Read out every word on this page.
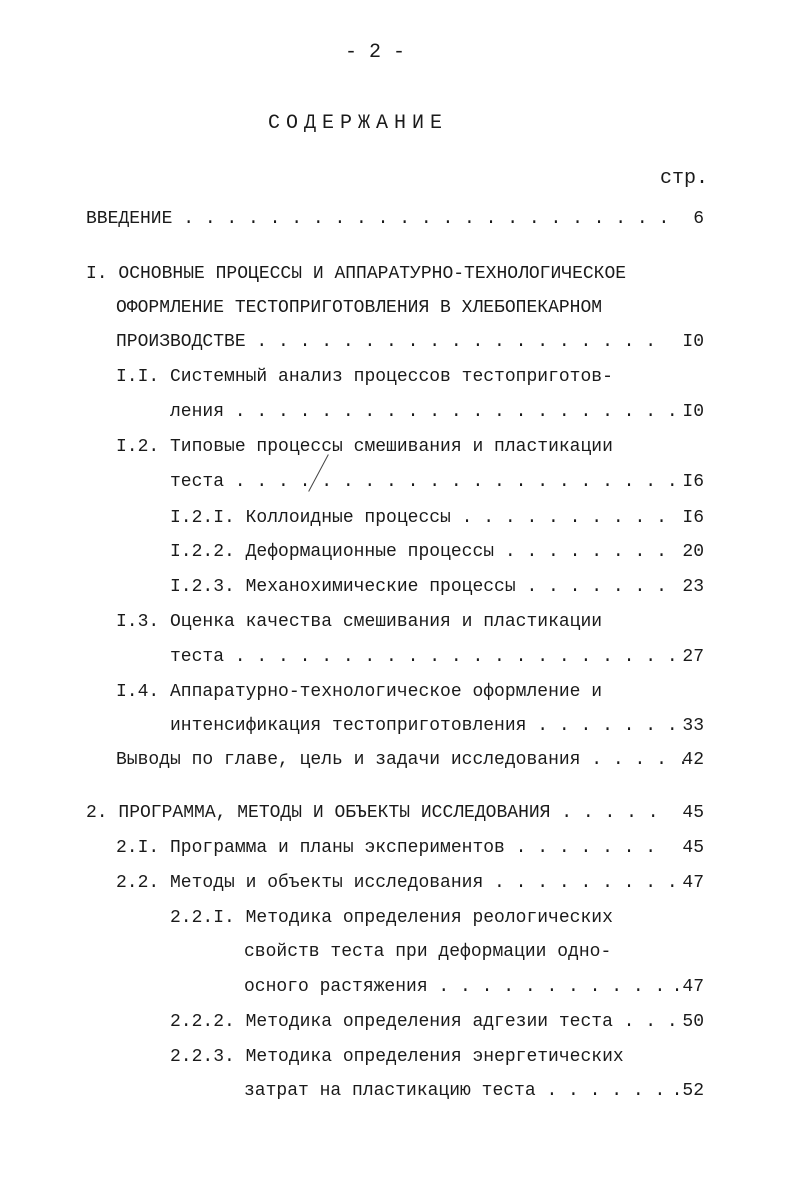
- 2 -
СОДЕРЖАНИЕ
стр.
ВВЕДЕНИЕ . . . . . . . . . . . . . . . . . . . . . . . 6
I. ОСНОВНЫЕ ПРОЦЕССЫ И АППАРАТУРНО-ТЕХНОЛОГИЧЕСКОЕ
ОФОРМЛЕНИЕ ТЕСТОПРИГОТОВЛЕНИЯ В ХЛЕБОПЕКАРНОМ
ПРОИЗВОДСТВЕ . . . . . . . . . . . . . . . . . . . I0
I.I. Системный анализ процессов тестоприготов-
ления . . . . . . . . . . . . . . . . . . . . . I0
I.2. Типовые процессы смешивания и пластикации
теста . . . . . . . . . . . . . . . . . . . . . I6
I.2.I. Коллоидные процессы . . . . . . . . . . I6
I.2.2. Деформационные процессы . . . . . . . . 20
I.2.3. Механохимические процессы . . . . . . . 23
I.3. Оценка качества смешивания и пластикации
теста . . . . . . . . . . . . . . . . . . . . . 27
I.4. Аппаратурно-технологическое оформление и
интенсификация тестоприготовления . . . . . . . 33
Выводы по главе, цель и задачи исследования . . . . .
42
2. ПРОГРАММА, МЕТОДЫ И ОБЪЕКТЫ ИССЛЕДОВАНИЯ . . . . . 45
2.I. Программа и планы экспериментов . . . . . . . 45
2.2. Методы и объекты исследования . . . . . . . . . 47
2.2.I. Методика определения реологических
свойств теста при деформации одно-
осного растяжения . . . . . . . . . . . .47
2.2.2. Методика определения адгезии теста . . . 50
2.2.3. Методика определения энергетических
затрат на пластикацию теста . . . . . . .52
